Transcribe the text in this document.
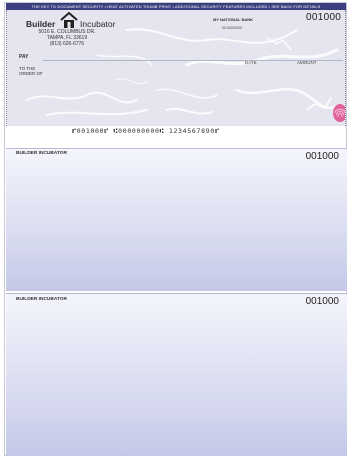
THE KEY TO DOCUMENT SECURITY • HEAT ACTIVATED THUMB PRINT • ADDITIONAL SECURITY FEATURES INCLUDED • SEE BACK FOR DETAILS
Builder	Incubator
5016 E. COLUMBUS DR.
TAMPA, FL 33619
(813) 626-6776
MY NATIONAL BANK
00-0000/000
001000
PAY
TO THE
ORDER OF
DATE	AMOUNT
⑈001000⑈ ⑆000000000⑆ 1234567890⑈
BUILDER INCUBATOR	001000
BUILDER INCUBATOR	001000
